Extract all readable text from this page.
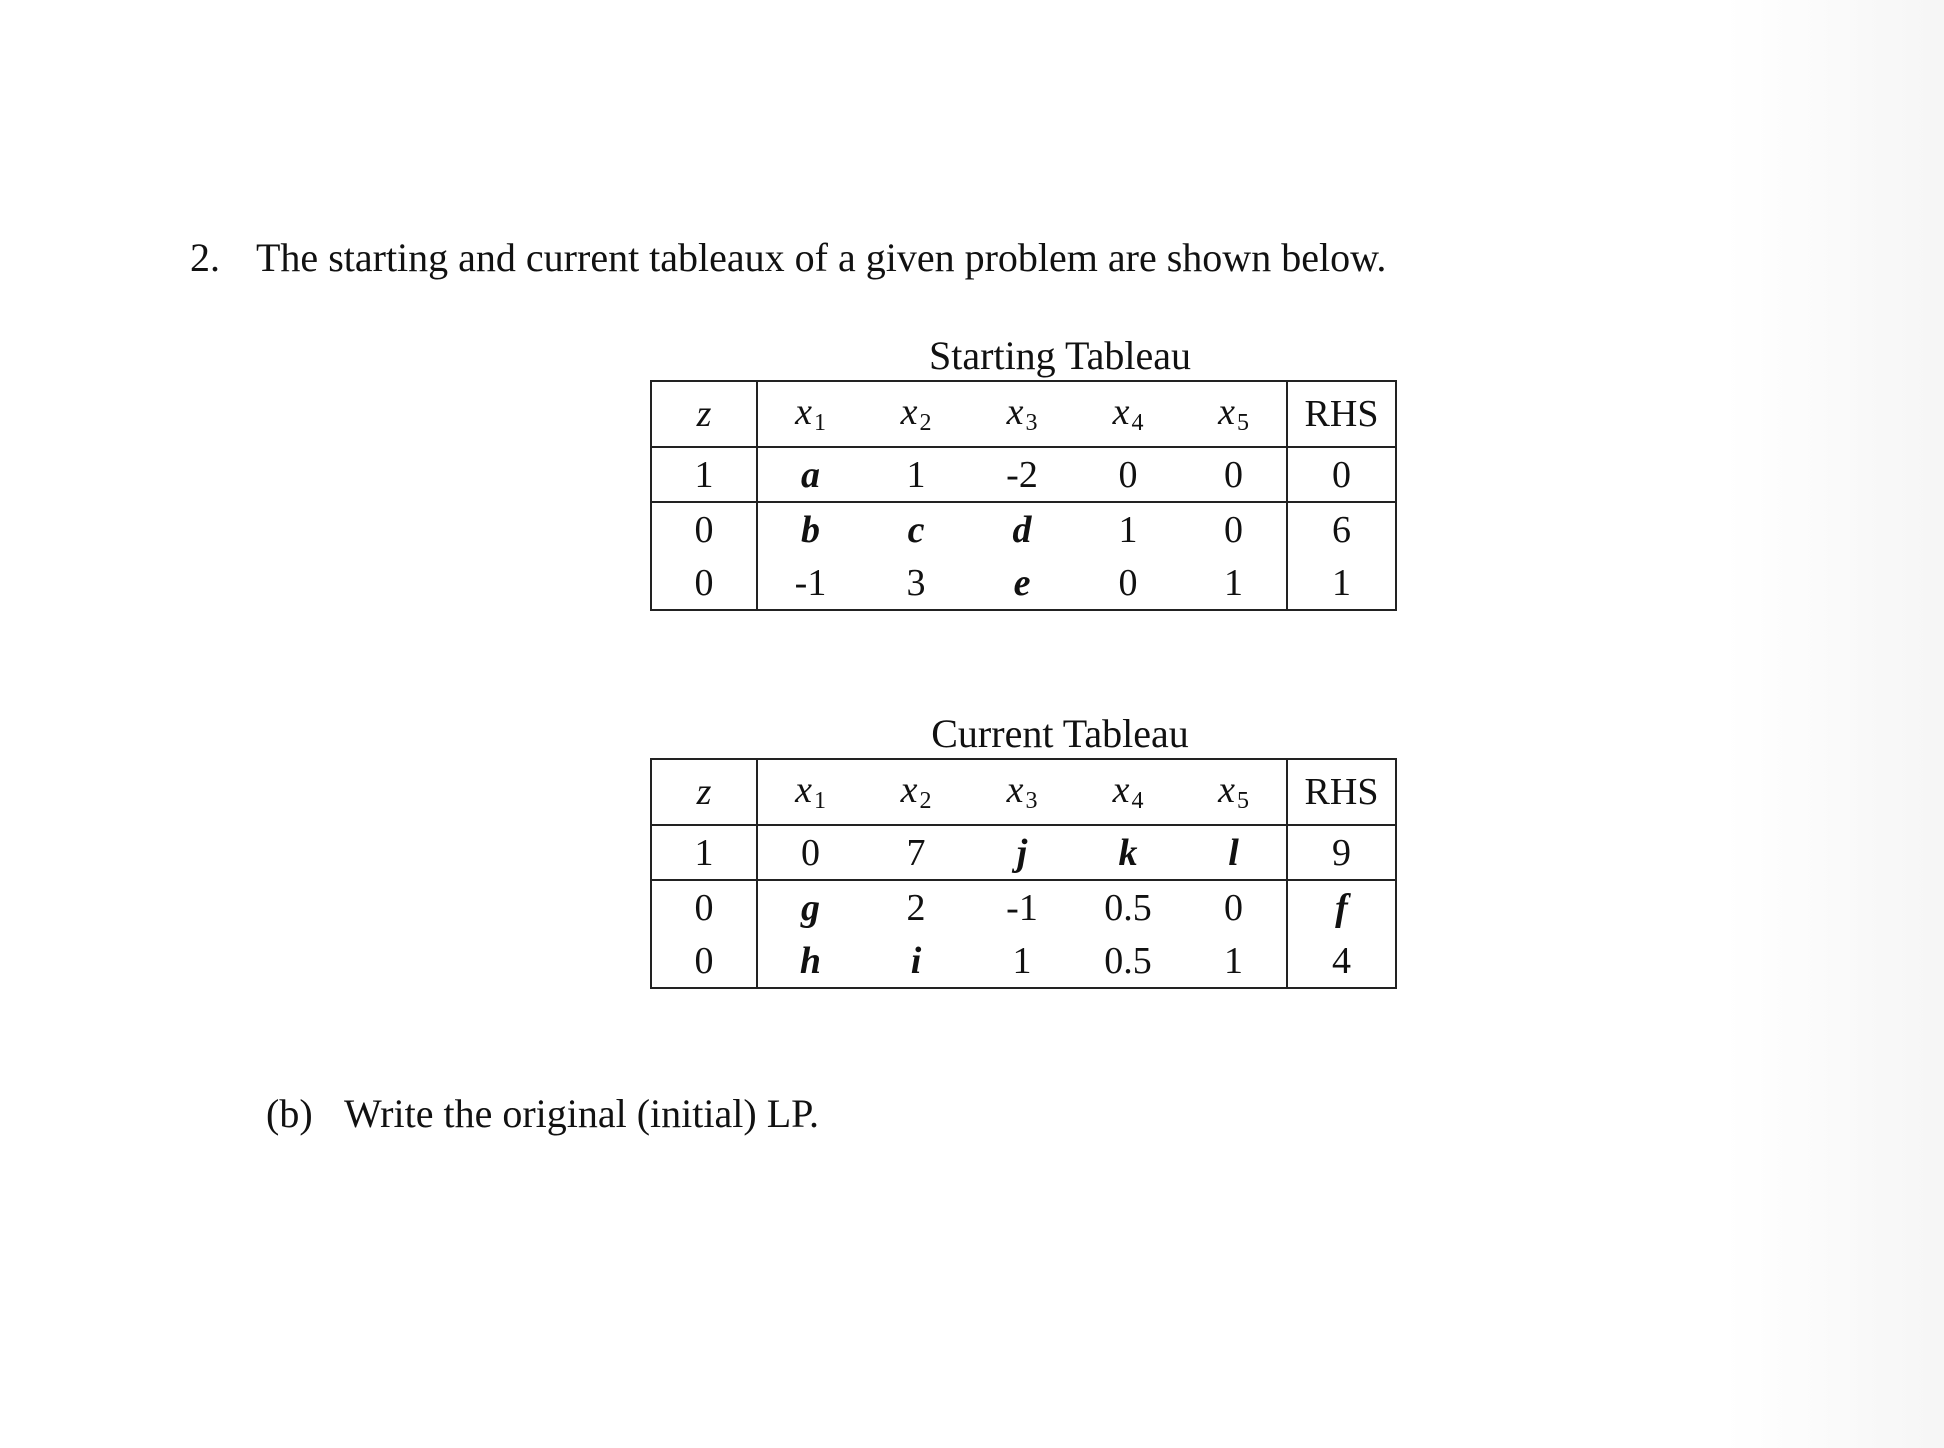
2. The starting and current tableaux of a given problem are shown below.
Starting Tableau
z	$x_1$	$x_2$	$x_3$	$x_4$	$x_5$	RHS
1	a	1	-2	0	0	0
0	b	c	d	1	0	6
0	-1	3	e	0	1	1
Current Tableau
z	$x_1$	$x_2$	$x_3$	$x_4$	$x_5$	RHS
1	0	7	j	k	l	9
0	g	2	-1	0.5	0	f
0	h	i	1	0.5	1	4
(b) Write the original (initial) LP.
